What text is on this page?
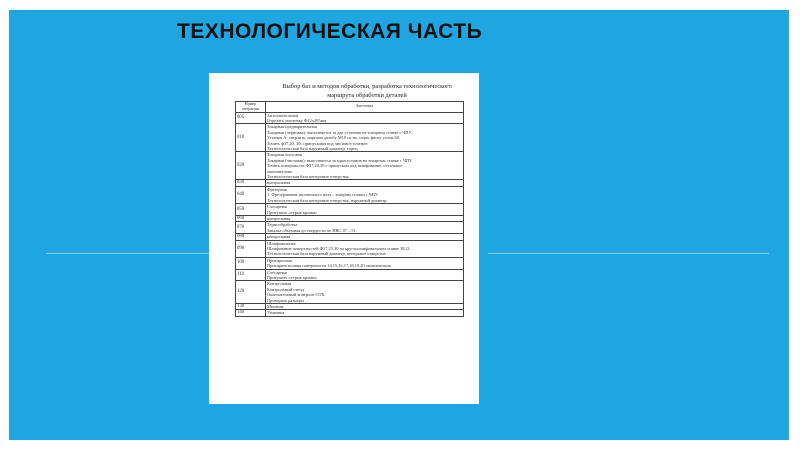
ТЕХНОЛОГИЧЕСКАЯ ЧАСТЬ
Выбор баз и методов обработки, разработка технологического
маршрута обработки деталей
Номер операции	Заготовка
005	Заготовительная
Отрезать заготовку Ф42х205мм

010	Токарная предварительная
Токарная (черновая): выполняется за два установа на токарном станке с ЧПУ.
Установ А: сверлить, нарезать резьбу М10 ск-во, снять фаску углом 60.
Точить ф37,20, 30с припусками под чистовое точение.
Технологическая база наружный диаметр, торец.

020	Токарная чистовая
Токарная (чистовая): выполняется за один установ на токарном станке с ЧПУ.
Точить поверхность Ф37,20,30 с припуском под шлифование, остальное
окончательно.
Технологическая база центровые отверстия.

030	контрольная

040	Фрезерная
1. Фрезерование шпоночного паза – токарны станки с ЧПУ.
Технологическая база центровые отверстия, наружный диаметр.

050	Слесарная
Притупить острые кромки

060	контрольная

070	Термообработка
Закалка объемная до твердости по HRC 47…51.

080	контрольная

090	Шлифовальная
Шлифование поверхностей Ф37,25,30 на круглошлифовальном станке 3Е12.
Технологическая база наружный диаметр, центровое отверстие.

100	Притирочная
Притирать шлицы поверхности 14,15,16,17,18,19,20 окончательно.

110	Слесарная
Притупить острые кромки

120	Контрольная
Контрольный стенд
Окончательный контроль ОТК.
Проверить размеры

130	Моечная

140	Упаковка
